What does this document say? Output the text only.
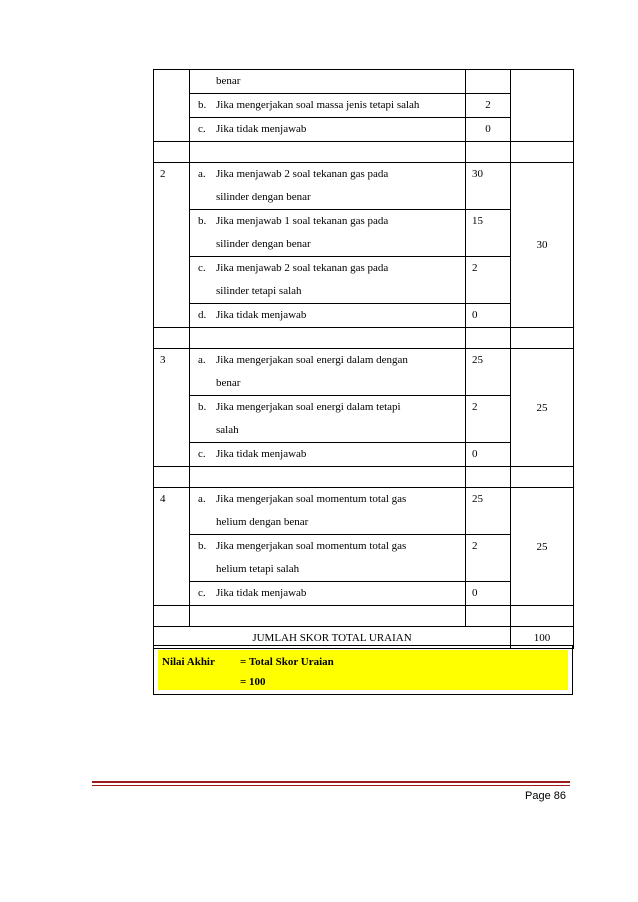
	benar		

	b. Jika mengerjakan soal massa jenis tetapi salah	2	

	c. Jika tidak menjawab	0	

2	a. Jika menjawab 2 soal tekanan gas pada
silinder dengan benar	30	30

	b. Jika menjawab 1 soal tekanan gas pada
silinder dengan benar	15	

	c. Jika menjawab 2 soal tekanan gas pada
silinder tetapi salah	2	

	d. Jika tidak menjawab	0	

3	a. Jika mengerjakan soal energi dalam dengan
benar	25	25

	b. Jika mengerjakan soal energi dalam tetapi
salah	2	

	c. Jika tidak menjawab	0	

4	a. Jika mengerjakan soal momentum total gas
helium dengan benar	25	25

	b. Jika mengerjakan soal momentum total gas
helium tetapi salah	2	

	c. Jika tidak menjawab	0	

JUMLAH SKOR TOTAL URAIAN			100
Nilai Akhir = Total Skor Uraian
= 100
Page 86
